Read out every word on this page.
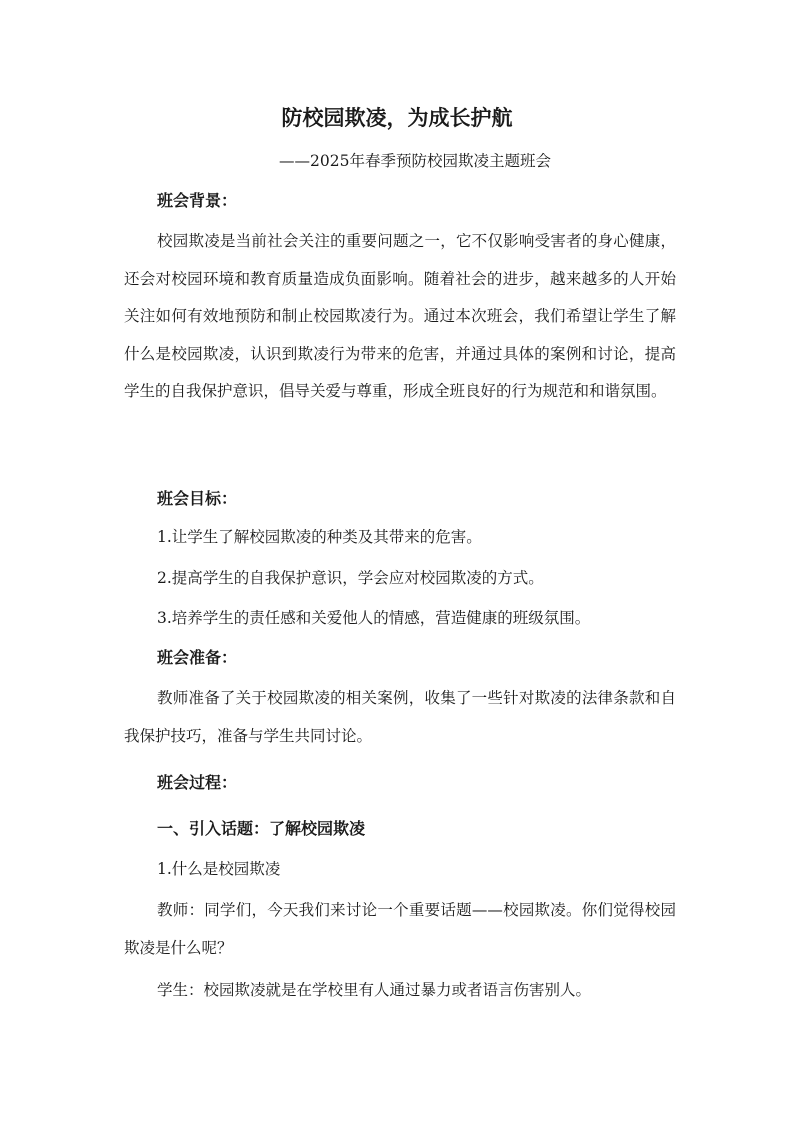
防校园欺凌，为成长护航

——2025年春季预防校园欺凌主题班会

班会背景：

校园欺凌是当前社会关注的重要问题之一，它不仅影响受害者的身心健康，还会对校园环境和教育质量造成负面影响。随着社会的进步，越来越多的人开始关注如何有效地预防和制止校园欺凌行为。通过本次班会，我们希望让学生了解什么是校园欺凌，认识到欺凌行为带来的危害，并通过具体的案例和讨论，提高学生的自我保护意识，倡导关爱与尊重，形成全班良好的行为规范和和谐氛围。

班会目标：

1.让学生了解校园欺凌的种类及其带来的危害。

2.提高学生的自我保护意识，学会应对校园欺凌的方式。

3.培养学生的责任感和关爱他人的情感，营造健康的班级氛围。

班会准备：

教师准备了关于校园欺凌的相关案例，收集了一些针对欺凌的法律条款和自我保护技巧，准备与学生共同讨论。

班会过程：

一、引入话题：了解校园欺凌

1.什么是校园欺凌

教师：同学们，今天我们来讨论一个重要话题——校园欺凌。你们觉得校园欺凌是什么呢？

学生：校园欺凌就是在学校里有人通过暴力或者语言伤害别人。
